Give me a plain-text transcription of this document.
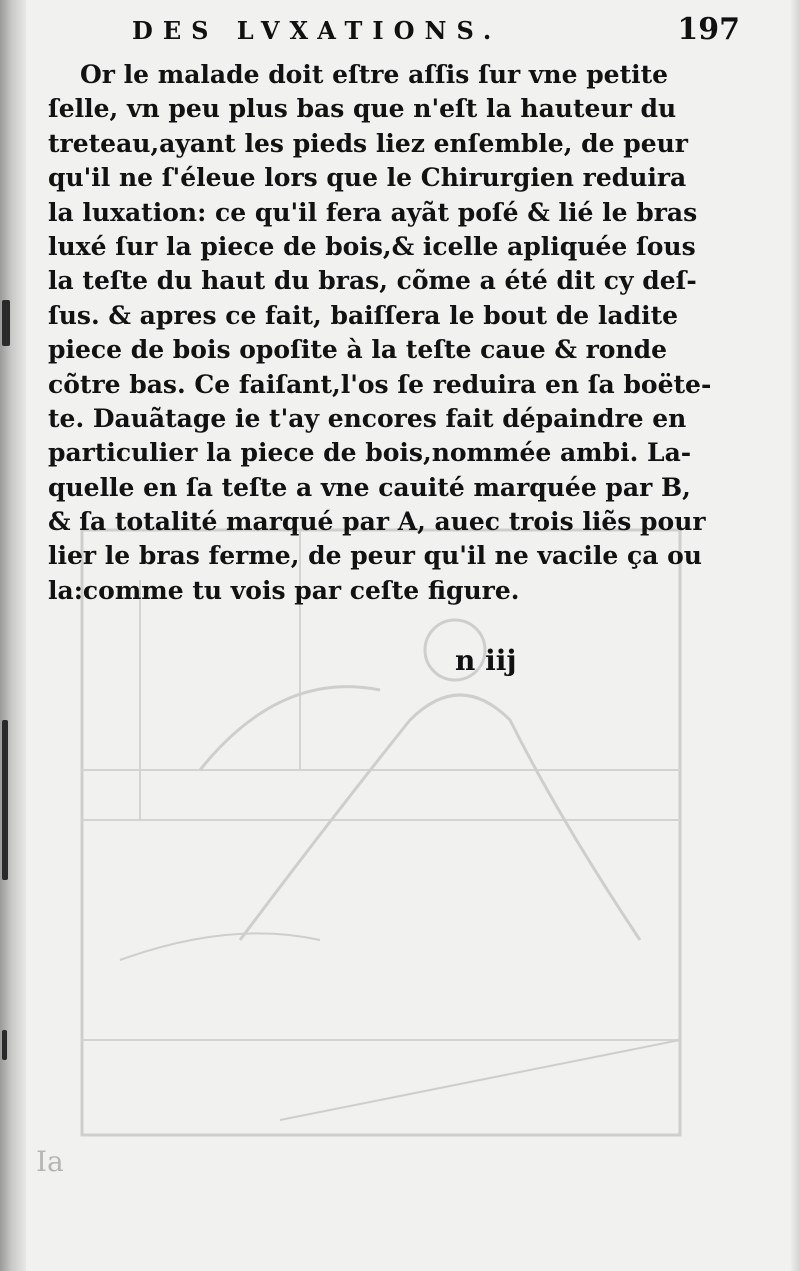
DES LVXATIONS.	197
Or le malade doit eſtre aſſis ſur vne petite
ſelle, vn peu plus bas que n'eſt la hauteur du
treteau,ayant les pieds liez enſemble, de peur
qu'il ne ſ'éleue lors que le Chirurgien reduira
la luxation: ce qu'il fera ayãt poſé & lié le bras
luxé ſur la piece de bois,& icelle apliquée ſous
la teſte du haut du bras, cõme a été dit cy deſ-
ſus. & apres ce fait, baiſſera le bout de ladite
piece de bois opoſite à la teſte caue & ronde
cõtre bas. Ce faiſant,l'os ſe reduira en ſa boëte-
te. Dauãtage ie t'ay encores fait dépaindre en
particulier la piece de bois,nommée ambi. La-
quelle en ſa teſte a vne cauité marquée par B,
& ſa totalité marqué par A, auec trois liẽs pour
lier le bras ferme, de peur qu'il ne vacile ça ou
la:comme tu vois par ceſte figure.
n iij
Ia
